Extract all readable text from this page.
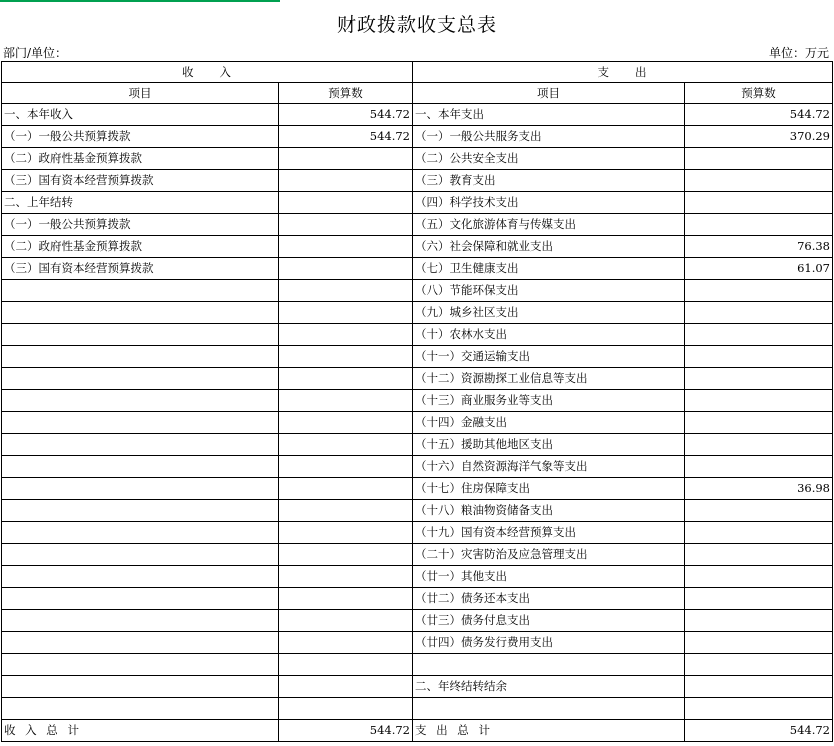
财政拨款收支总表
部门/单位：	单位：万元
收　　入		支　　出	
项目	预算数	项目	预算数
一、本年收入	544.72	一、本年支出	544.72
（一）一般公共预算拨款	544.72	（一）一般公共服务支出	370.29
（二）政府性基金预算拨款		（二）公共安全支出	
（三）国有资本经营预算拨款		（三）教育支出	
二、上年结转		（四）科学技术支出	
（一）一般公共预算拨款		（五）文化旅游体育与传媒支出	
（二）政府性基金预算拨款		（六）社会保障和就业支出	76.38
（三）国有资本经营预算拨款		（七）卫生健康支出	61.07
		（八）节能环保支出	
		（九）城乡社区支出	
		（十）农林水支出	
		（十一）交通运输支出	
		（十二）资源勘探工业信息等支出	
		（十三）商业服务业等支出	
		（十四）金融支出	
		（十五）援助其他地区支出	
		（十六）自然资源海洋气象等支出	
		（十七）住房保障支出	36.98
		（十八）粮油物资储备支出	
		（十九）国有资本经营预算支出	
		（二十）灾害防治及应急管理支出	
		（廿一）其他支出	
		（廿二）债务还本支出	
		（廿三）债务付息支出	
		（廿四）债务发行费用支出	

		二、年终结转结余	

收 入 总 计	544.72	支 出 总 计	544.72
